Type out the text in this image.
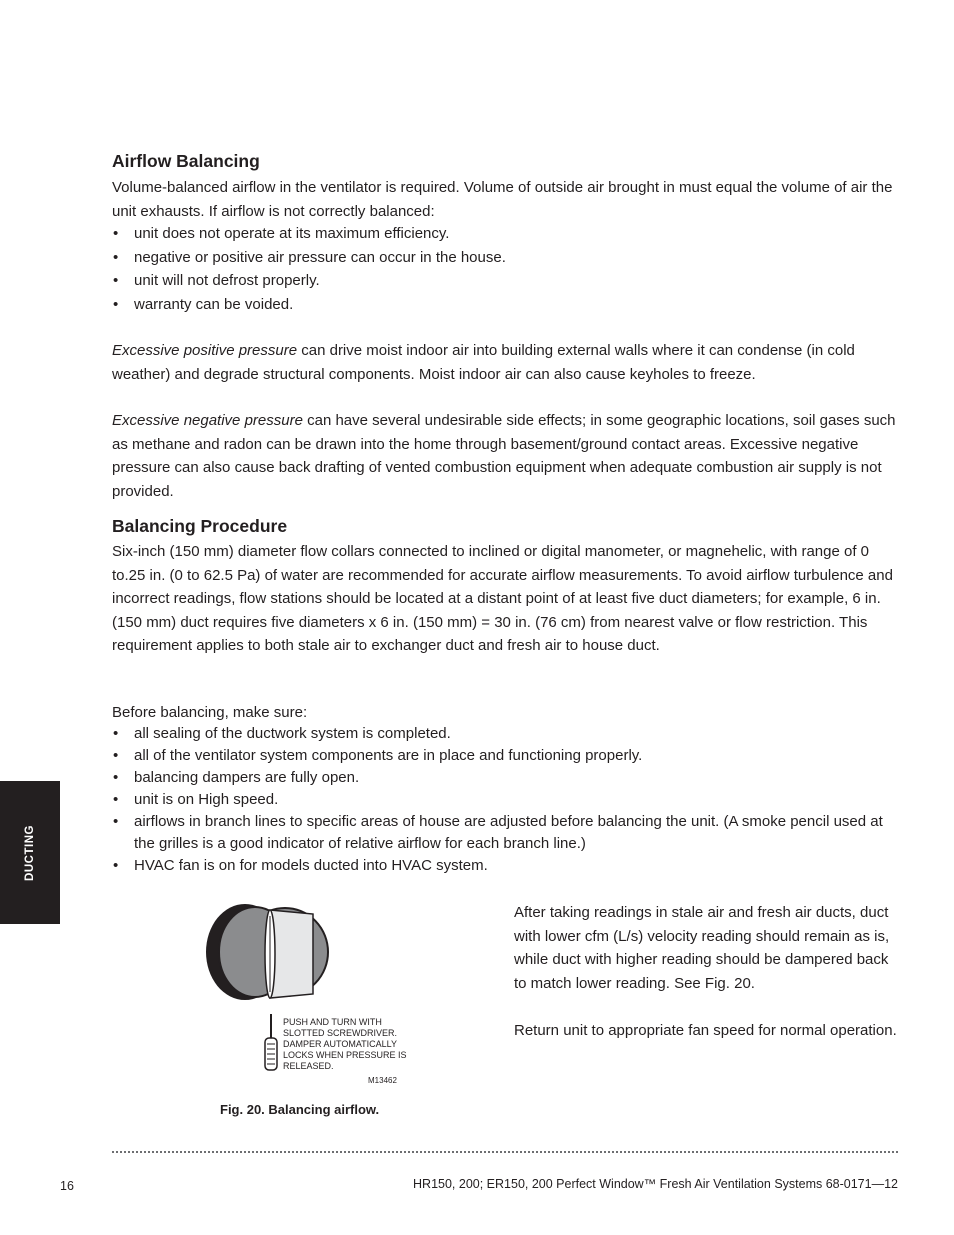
Airflow Balancing

Volume-balanced airflow in the ventilator is required. Volume of outside air brought in must equal the volume of air the unit exhausts. If airflow is not correctly balanced:

• unit does not operate at its maximum efficiency.
• negative or positive air pressure can occur in the house.
• unit will not defrost properly.
• warranty can be voided.

Excessive positive pressure can drive moist indoor air into building external walls where it can condense (in cold weather) and degrade structural components. Moist indoor air can also cause keyholes to freeze.

Excessive negative pressure can have several undesirable side effects; in some geographic locations, soil gases such as methane and radon can be drawn into the home through basement/ground contact areas. Excessive negative pressure can also cause back drafting of vented combustion equipment when adequate combustion air supply is not provided.

Balancing Procedure

Six-inch (150 mm) diameter flow collars connected to inclined or digital manometer, or magnehelic, with range of 0 to.25 in. (0 to 62.5 Pa) of water are recommended for accurate airflow measurements. To avoid airflow turbulence and incorrect readings, flow stations should be located at a distant point of at least five duct diameters; for example, 6 in. (150 mm) duct requires five diameters x 6 in. (150 mm) = 30 in. (76 cm) from nearest valve or flow restriction. This requirement applies to both stale air to exchanger duct and fresh air to house duct.

Before balancing, make sure:

• all sealing of the ductwork system is completed.
• all of the ventilator system components are in place and functioning properly.
• balancing dampers are fully open.
• unit is on High speed.
• airflows in branch lines to specific areas of house are adjusted before balancing the unit. (A smoke pencil used at the grilles is a good indicator of relative airflow for each branch line.)
• HVAC fan is on for models ducted into HVAC system.
DUCTING
PUSH AND TURN WITH SLOTTED SCREWDRIVER. DAMPER AUTOMATICALLY LOCKS WHEN PRESSURE IS RELEASED.
M13462
Fig. 20. Balancing airflow.

After taking readings in stale air and fresh air ducts, duct with lower cfm (L/s) velocity reading should remain as is, while duct with higher reading should be dampered back to match lower reading. See Fig. 20.

Return unit to appropriate fan speed for normal operation.

16	HR150, 200; ER150, 200 Perfect Window™ Fresh Air Ventilation Systems 68-0171—12
